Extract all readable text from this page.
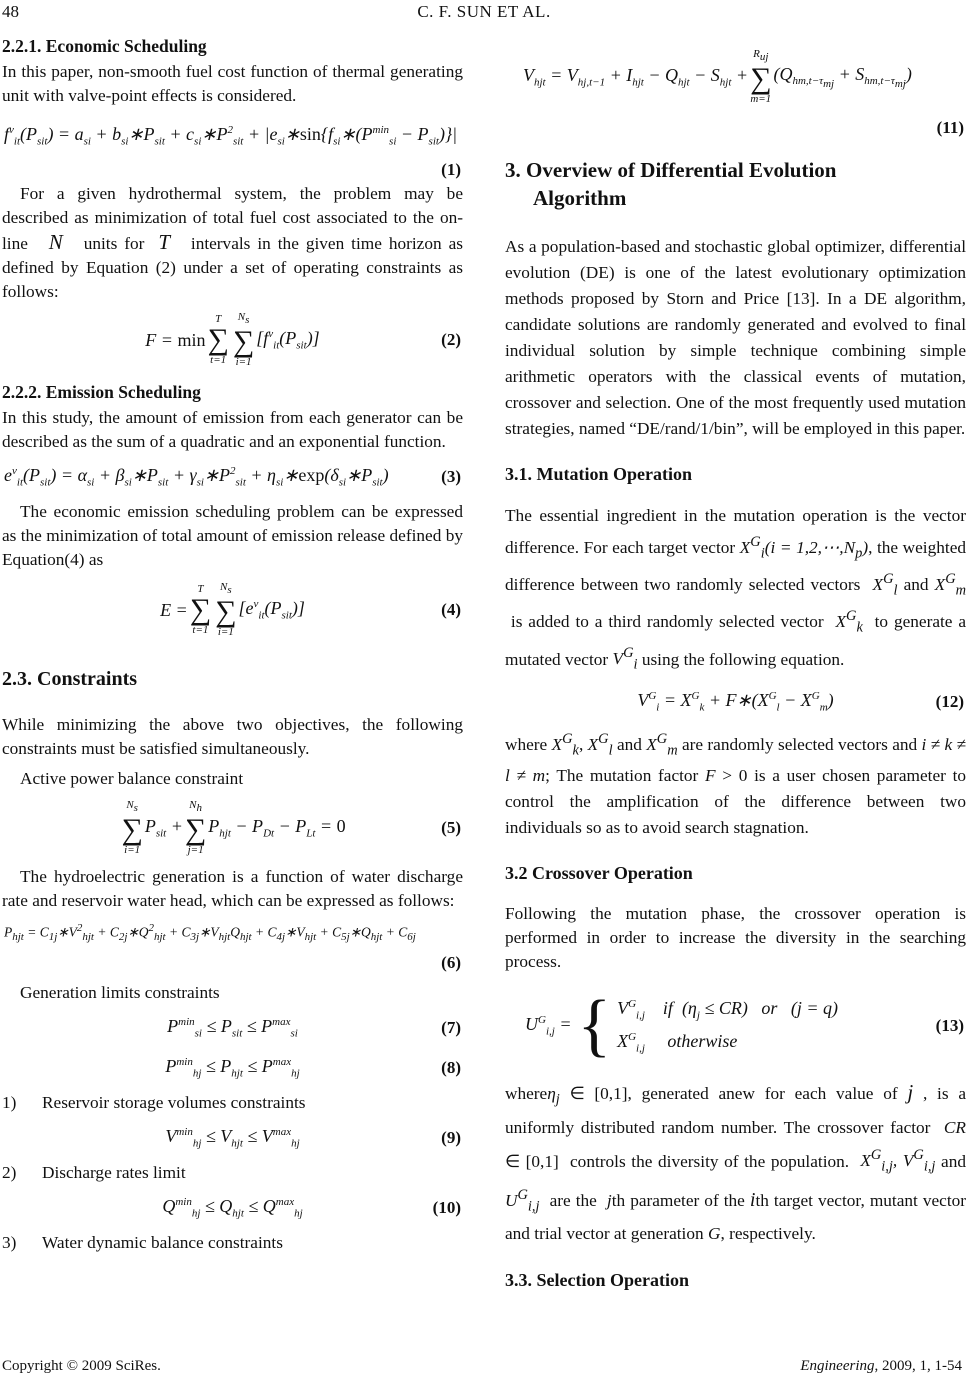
48	C. F. SUN ET AL.
2.2.1. Economic Scheduling

In this paper, non-smooth fuel cost function of thermal generating unit with valve-point effects is considered.

$f^v_{it}(P_{sit}) = a_{si}$ + $b_{si}∗P_{sit}$ + $c_{si}∗P^2_{sit}$ + $|e_{si}∗\sin\{f_{si}∗(P^{min}_{si} - P_{sit})\}|$
(1)

For a given hydrothermal system, the problem may be described as minimization of total fuel cost associated to the on-line N units for T intervals in the given time horizon as defined by Equation (2) under a set of operating constraints as follows:

F = min
T
∑
t=1
$N_s$
∑
i=1
$[f^v_{it}(P_{sit})]$	(2)
2.2.2. Emission Scheduling

In this study, the amount of emission from each generator can be described as the sum of a quadratic and an exponential function.

$e^v_{it}(P_{sit}) = \alpha_{si}$ + $\beta_{si}∗P_{sit}$ + $\gamma_{si}∗P^2_{sit}$ + $\eta_{si}∗\exp(\delta_{si}∗P_{sit})$	(3)

The economic emission scheduling problem can be expressed as the minimization of total amount of emission release defined by Equation(4) as

E =
T
∑
t=1
$N_s$
∑
i=1
$[e^v_{it}(P_{sit})]$	(4)
2.3. Constraints

While minimizing the above two objectives, the following constraints must be satisfied simultaneously.

Active power balance constraint

$N_s$
∑
i=1
$P_{sit}$ +
$N_h$
∑
j=1
$P_{hjt} - P_{Dt} - P_{Lt} = 0$	(5)

The hydroelectric generation is a function of water discharge rate and reservoir water head, which can be expressed as follows:

$P_{hjt}$ = $C_{1j}∗V^2_{hjt}$ + $C_{2j}∗Q^2_{hjt}$ + $C_{3j}∗V_{hjt}Q_{hjt}$ + $C_{4j}∗V_{hjt}$ + $C_{5j}∗Q_{hjt} + C_{6j}$
(6)

Generation limits constraints

$P^{min}_{si} \le P_{sit} \le P^{max}_{si}$	(7)
$P^{min}_{hj} \le P_{hjt} \le P^{max}_{hj}$	(8)
1) Reservoir storage volumes constraints
$V^{min}_{hj} \le V_{hjt} \le V^{max}_{hj}$	(9)
2) Discharge rates limit
$Q^{min}_{hj} \le Q_{hjt} \le Q^{max}_{hj}$	(10)
3) Water dynamic balance constraints
$V_{hjt} = V_{hj,t-1} + I_{hjt} - Q_{hjt} - S_{hjt}$ +
$R_{uj}$
∑
m=1
$(Q_{hm,t-\tau_{mj}} + S_{hm,t-\tau_{mj}})$
(11)
3. Overview of Differential Evolution
Algorithm

As a population-based and stochastic global optimizer, differential evolution (DE) is one of the latest evolutionary optimization methods proposed by Storn and Price [13]. In a DE algorithm, candidate solutions are randomly generated and evolved to final individual solution by simple technique combining simple arithmetic operators with the classical events of mutation, crossover and selection. One of the most frequently used mutation strategies, named “DE/rand/1/bin”, will be employed in this paper.

3.1. Mutation Operation

The essential ingredient in the mutation operation is the vector difference. For each target vector $X^G_i(i$ = $1,2,\cdots,N_p$), the weighted difference between two randomly selected vectors $X^G_l$ and $X^G_m$  is added to a third randomly selected vector $X^G_k$ to generate a mutated vector $V^G_i$ using the following equation.

$V^G_i = X^G_k$ + $F∗(X^G_l - X^G_m)$	(12)

where $X^G_k$, $X^G_l$ and $X^G_m$ are randomly selected vectors and i ≠ k ≠ l ≠ m; The mutation factor F > 0 is a user chosen parameter to control the amplification of the difference between two individuals so as to avoid search stagnation.

3.2 Crossover Operation

Following the mutation phase, the crossover operation is performed in order to increase the diversity in the searching process.

$U^G_{i,j}$ = { $V^G_{i,j}$ if  $(\eta_j \le CR)$   or   (j = q)
$X^G_{i,j}$ otherwise
(13)

whereη$_j$ ∈ [0,1], generated anew for each value of j , is a uniformly distributed random number. The crossover factor CR ∈ [0,1]  controls the diversity of the population. $X^G_{i,j}$, $V^G_{i,j}$ and $U^G_{i,j}$ are the jth parameter of the ith target vector, mutant vector and trial vector at generation G, respectively.

3.3. Selection Operation
Copyright © 2009 SciRes.	Engineering, 2009, 1, 1-54
